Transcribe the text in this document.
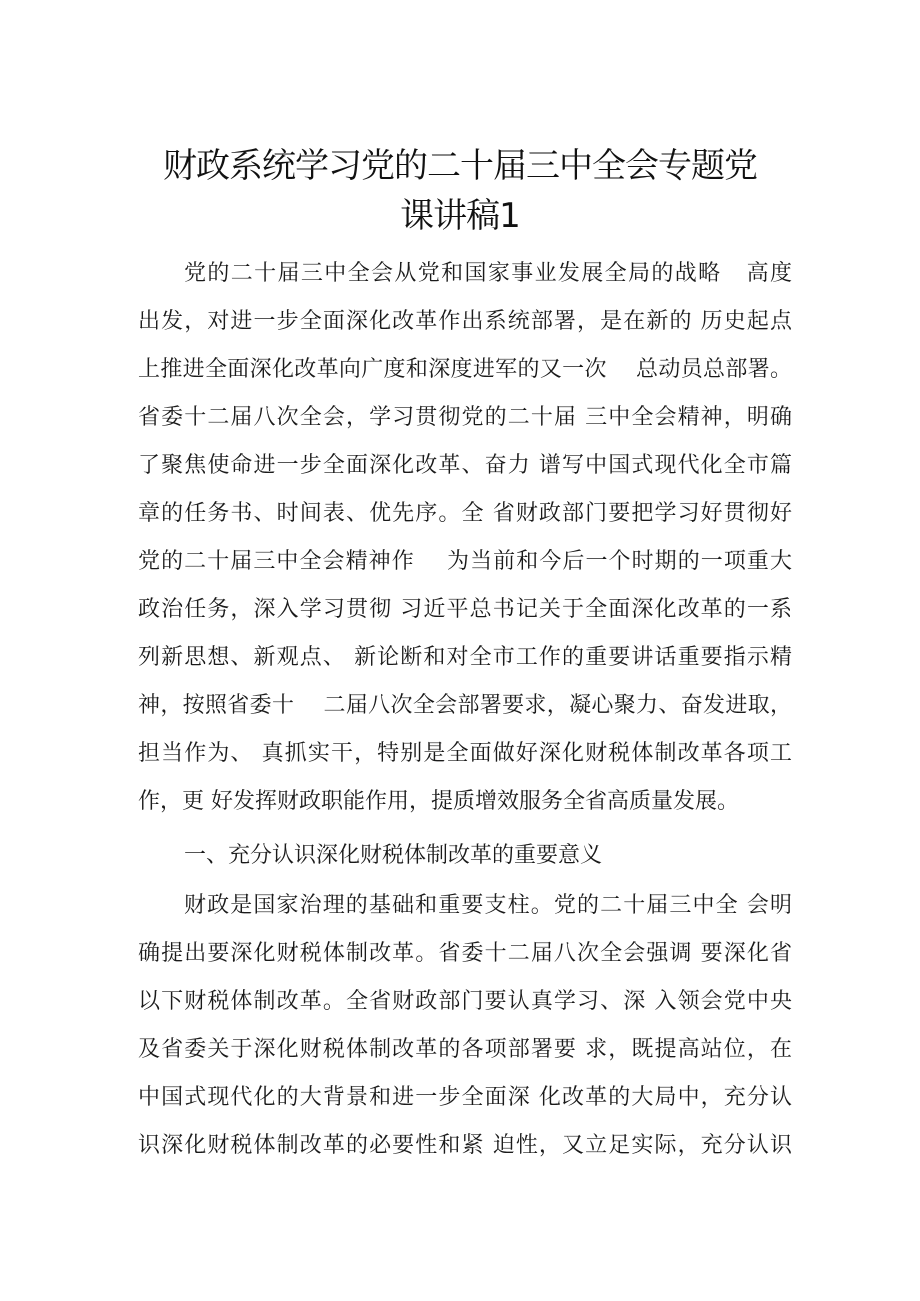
财政系统学习党的二十届三中全会专题党
课讲稿1
党的二十届三中全会从党和国家事业发展全局的战略   高度
出发，对进一步全面深化改革作出系统部署，是在新的 历史起点
上推进全面深化改革向广度和深度进军的又一次    总动员总部署。
省委十二届八次全会，学习贯彻党的二十届 三中全会精神，明确
了聚焦使命进一步全面深化改革、奋力 谱写中国式现代化全市篇
章的任务书、时间表、优先序。全 省财政部门要把学习好贯彻好
党的二十届三中全会精神作    为当前和今后一个时期的一项重大
政治任务，深入学习贯彻 习近平总书记关于全面深化改革的一系
列新思想、新观点、 新论断和对全市工作的重要讲话重要指示精
神，按照省委十    二届八次全会部署要求，凝心聚力、奋发进取，
担当作为、 真抓实干，特别是全面做好深化财税体制改革各项工
作，更 好发挥财政职能作用，提质增效服务全省高质量发展。
一、充分认识深化财税体制改革的重要意义
财政是国家治理的基础和重要支柱。党的二十届三中全 会明
确提出要深化财税体制改革。省委十二届八次全会强调 要深化省
以下财税体制改革。全省财政部门要认真学习、深 入领会党中央
及省委关于深化财税体制改革的各项部署要 求，既提高站位，在
中国式现代化的大背景和进一步全面深 化改革的大局中，充分认
识深化财税体制改革的必要性和紧 迫性，又立足实际，充分认识
